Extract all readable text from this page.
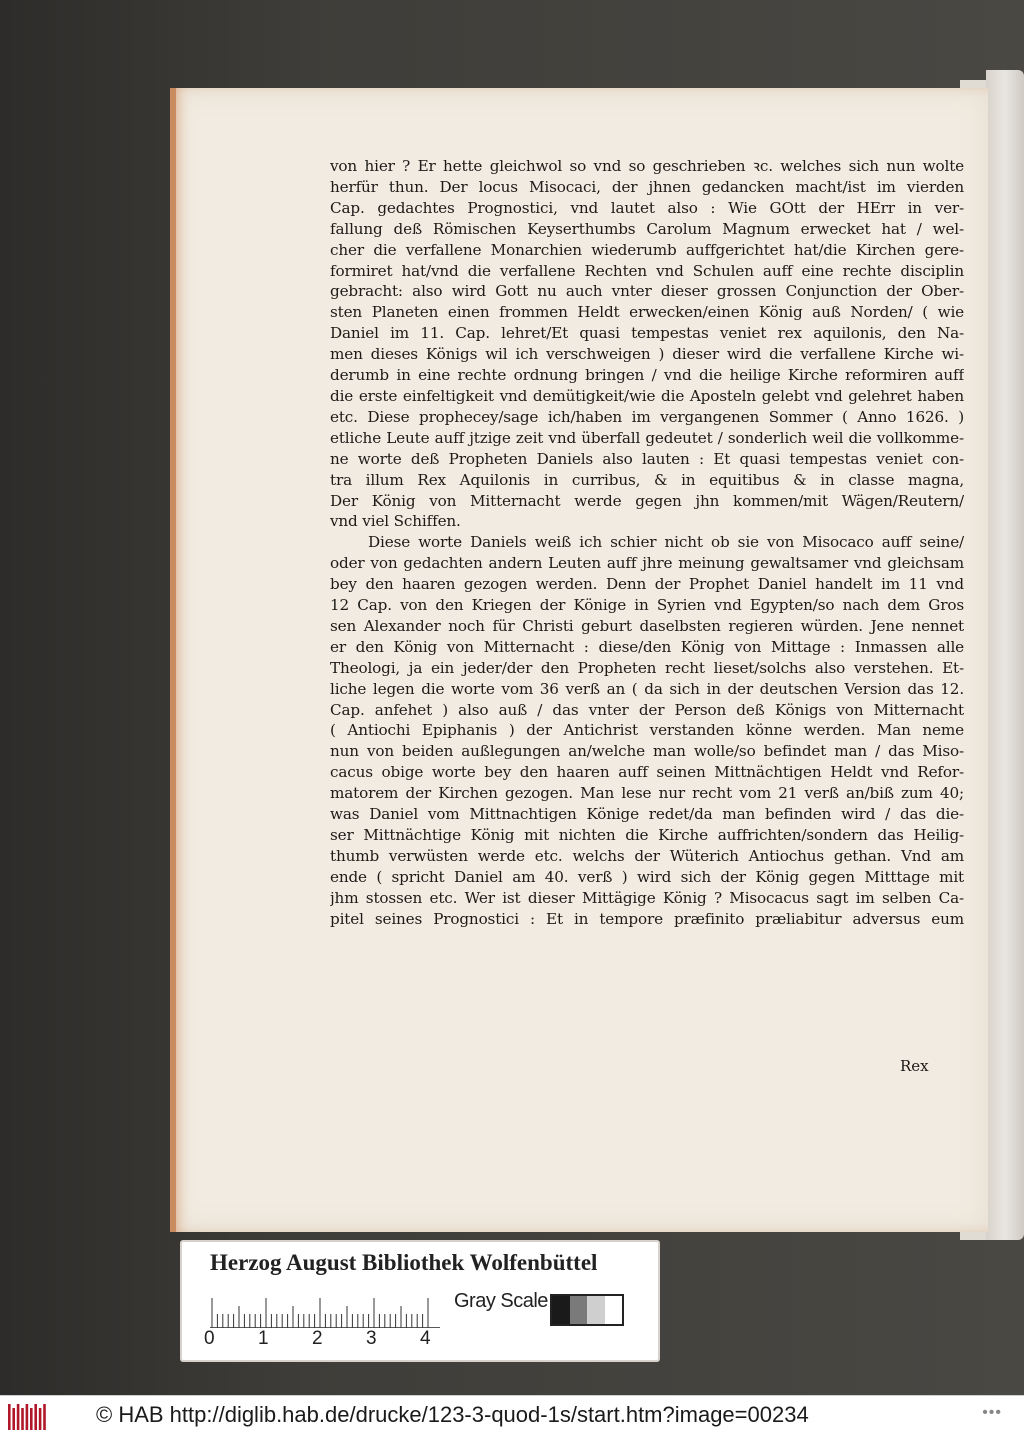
von hier ? Er hette gleichwol so vnd so geschrieben ꝛc. welches sich nun wolte
herfür thun. Der locus Misocaci, der jhnen gedancken macht/ist im vierden
Cap. gedachtes Prognostici, vnd lautet also : Wie GOtt der HErr in ver-
fallung deß Römischen Keyserthumbs Carolum Magnum erwecket hat / wel-
cher die verfallene Monarchien wiederumb auffgerichtet hat/die Kirchen gere-
formiret hat/vnd die verfallene Rechten vnd Schulen auff eine rechte disciplin
gebracht: also wird Gott nu auch vnter dieser grossen Conjunction der Ober-
sten Planeten einen frommen Heldt erwecken/einen König auß Norden/ ( wie
Daniel im 11. Cap. lehret/Et quasi tempestas veniet rex aquilonis, den Na-
men dieses Königs wil ich verschweigen ) dieser wird die verfallene Kirche wi-
derumb in eine rechte ordnung bringen / vnd die heilige Kirche reformiren auff
die erste einfeltigkeit vnd demütigkeit/wie die Aposteln gelebt vnd gelehret haben
etc. Diese prophecey/sage ich/haben im vergangenen Sommer ( Anno 1626. )
etliche Leute auff jtzige zeit vnd überfall gedeutet / sonderlich weil die vollkomme-
ne worte deß Propheten Daniels also lauten : Et quasi tempestas veniet con-
tra illum Rex Aquilonis in curribus, & in equitibus & in classe magna,
Der König von Mitternacht werde gegen jhn kommen/mit Wägen/Reutern/
vnd viel Schiffen.
Diese worte Daniels weiß ich schier nicht ob sie von Misocaco auff seine/
oder von gedachten andern Leuten auff jhre meinung gewaltsamer vnd gleichsam
bey den haaren gezogen werden. Denn der Prophet Daniel handelt im 11 vnd
12 Cap. von den Kriegen der Könige in Syrien vnd Egypten/so nach dem Gros
sen Alexander noch für Christi geburt daselbsten regieren würden. Jene nennet
er den König von Mitternacht : diese/den König von Mittage : Inmassen alle
Theologi, ja ein jeder/der den Propheten recht lieset/solchs also verstehen. Et-
liche legen die worte vom 36 verß an ( da sich in der deutschen Version das 12.
Cap. anfehet ) also auß / das vnter der Person deß Königs von Mitternacht
( Antiochi Epiphanis ) der Antichrist verstanden könne werden. Man neme
nun von beiden außlegungen an/welche man wolle/so befindet man / das Miso-
cacus obige worte bey den haaren auff seinen Mittnächtigen Heldt vnd Refor-
matorem der Kirchen gezogen. Man lese nur recht vom 21 verß an/biß zum 40;
was Daniel vom Mittnachtigen Könige redet/da man befinden wird / das die-
ser Mittnächtige König mit nichten die Kirche auffrichten/sondern das Heilig-
thumb verwüsten werde etc. welchs der Wüterich Antiochus gethan. Vnd am
ende ( spricht Daniel am 40. verß ) wird sich der König gegen Mitttage mit
jhm stossen etc. Wer ist dieser Mittägige König ? Misocacus sagt im selben Ca-
pitel seines Prognostici : Et in tempore præfinito præliabitur adversus eum
Rex
Herzog August Bibliothek Wolfenbüttel
0 1 2 3 4
Gray Scale
© HAB http://diglib.hab.de/drucke/123-3-quod-1s/start.htm?image=00234	•••
